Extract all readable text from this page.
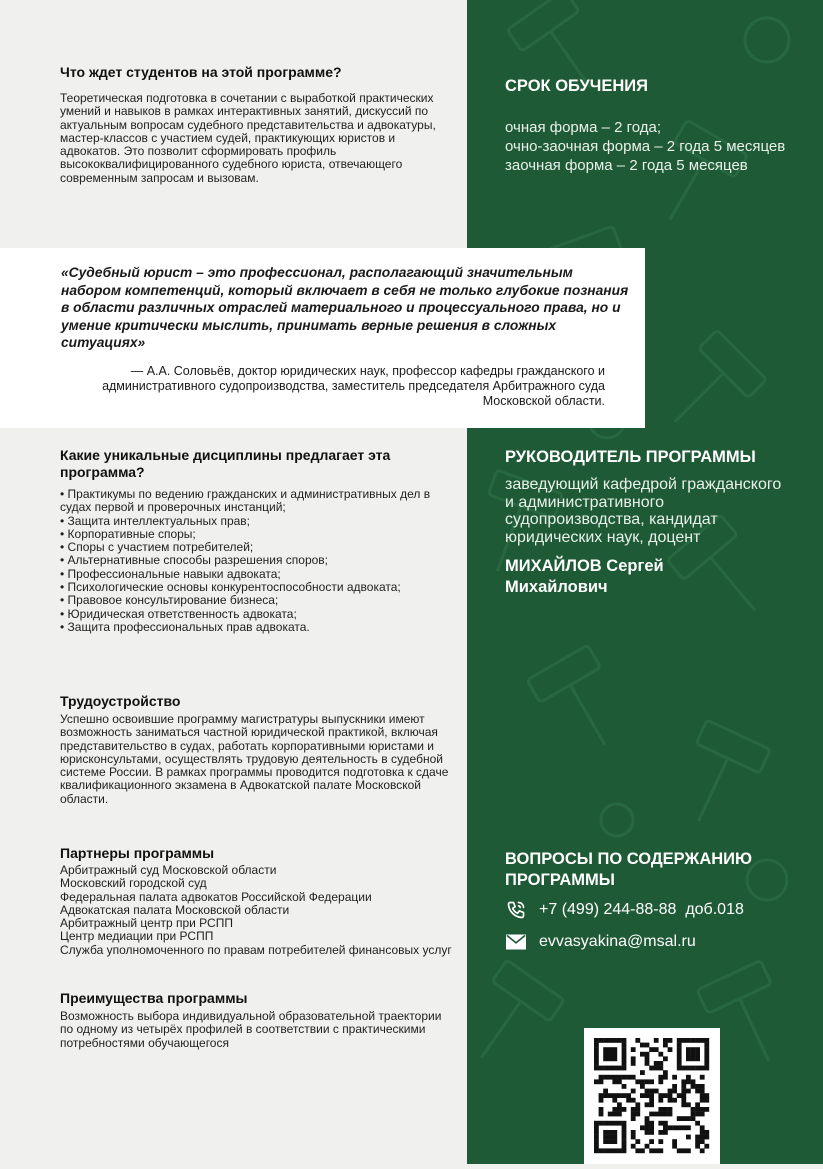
Что ждет студентов на этой программе?

Теоретическая подготовка в сочетании с выработкой практических умений и навыков в рамках интерактивных занятий, дискуссий по актуальным вопросам судебного представительства и адвокатуры, мастер-классов с участием судей, практикующих юристов и адвокатов. Это позволит сформировать профиль высококвалифицированного судебного юриста, отвечающего современным запросам и вызовам.

«Судебный юрист – это профессионал, располагающий значительным набором компетенций, который включает в себя не только глубокие познания в области различных отраслей материального и процессуального права, но и умение критически мыслить, принимать верные решения в сложных ситуациях»

— А.А. Соловьёв, доктор юридических наук, профессор кафедры гражданского и административного судопроизводства, заместитель председателя Арбитражного суда Московской области.

Какие уникальные дисциплины предлагает эта программа?
• Практикумы по ведению гражданских и административных дел в судах первой и проверочных инстанций;
• Защита интеллектуальных прав;
• Корпоративные споры;
• Споры с участием потребителей;
• Альтернативные способы разрешения споров;
• Профессиональные навыки адвоката;
• Психологические основы конкурентоспособности адвоката;
• Правовое консультирование бизнеса;
• Юридическая ответственность адвоката;
• Защита профессиональных прав адвоката.
Трудоустройство

Успешно освоившие программу магистратуры выпускники имеют возможность заниматься частной юридической практикой, включая представительство в судах, работать корпоративными юристами и юрисконсультами, осуществлять трудовую деятельность в судебной системе России. В рамках программы проводится подготовка к сдаче квалификационного экзамена в Адвокатской палате Московской области.

Партнеры программы
Арбитражный суд Московской области
Московский городской суд
Федеральная палата адвокатов Российской Федерации
Адвокатская палата Московской области
Арбитражный центр при РСПП
Центр медиации при РСПП
Служба уполномоченного по правам потребителей финансовых услуг
Преимущества программы

Возможность выбора индивидуальной образовательной траектории по одному из четырёх профилей в соответствии с практическими потребностями обучающегося

СРОК ОБУЧЕНИЯ

очная форма – 2 года;

очно-заочная форма – 2 года 5 месяцев

заочная форма – 2 года 5 месяцев

РУКОВОДИТЕЛЬ ПРОГРАММЫ

заведующий кафедрой гражданского и административного судопроизводства, кандидат юридических наук, доцент

МИХАЙЛОВ Сергей Михайлович

ВОПРОСЫ ПО СОДЕРЖАНИЮ ПРОГРАММЫ
+7 (499) 244-88-88  доб.018
evvasyakina@msal.ru
